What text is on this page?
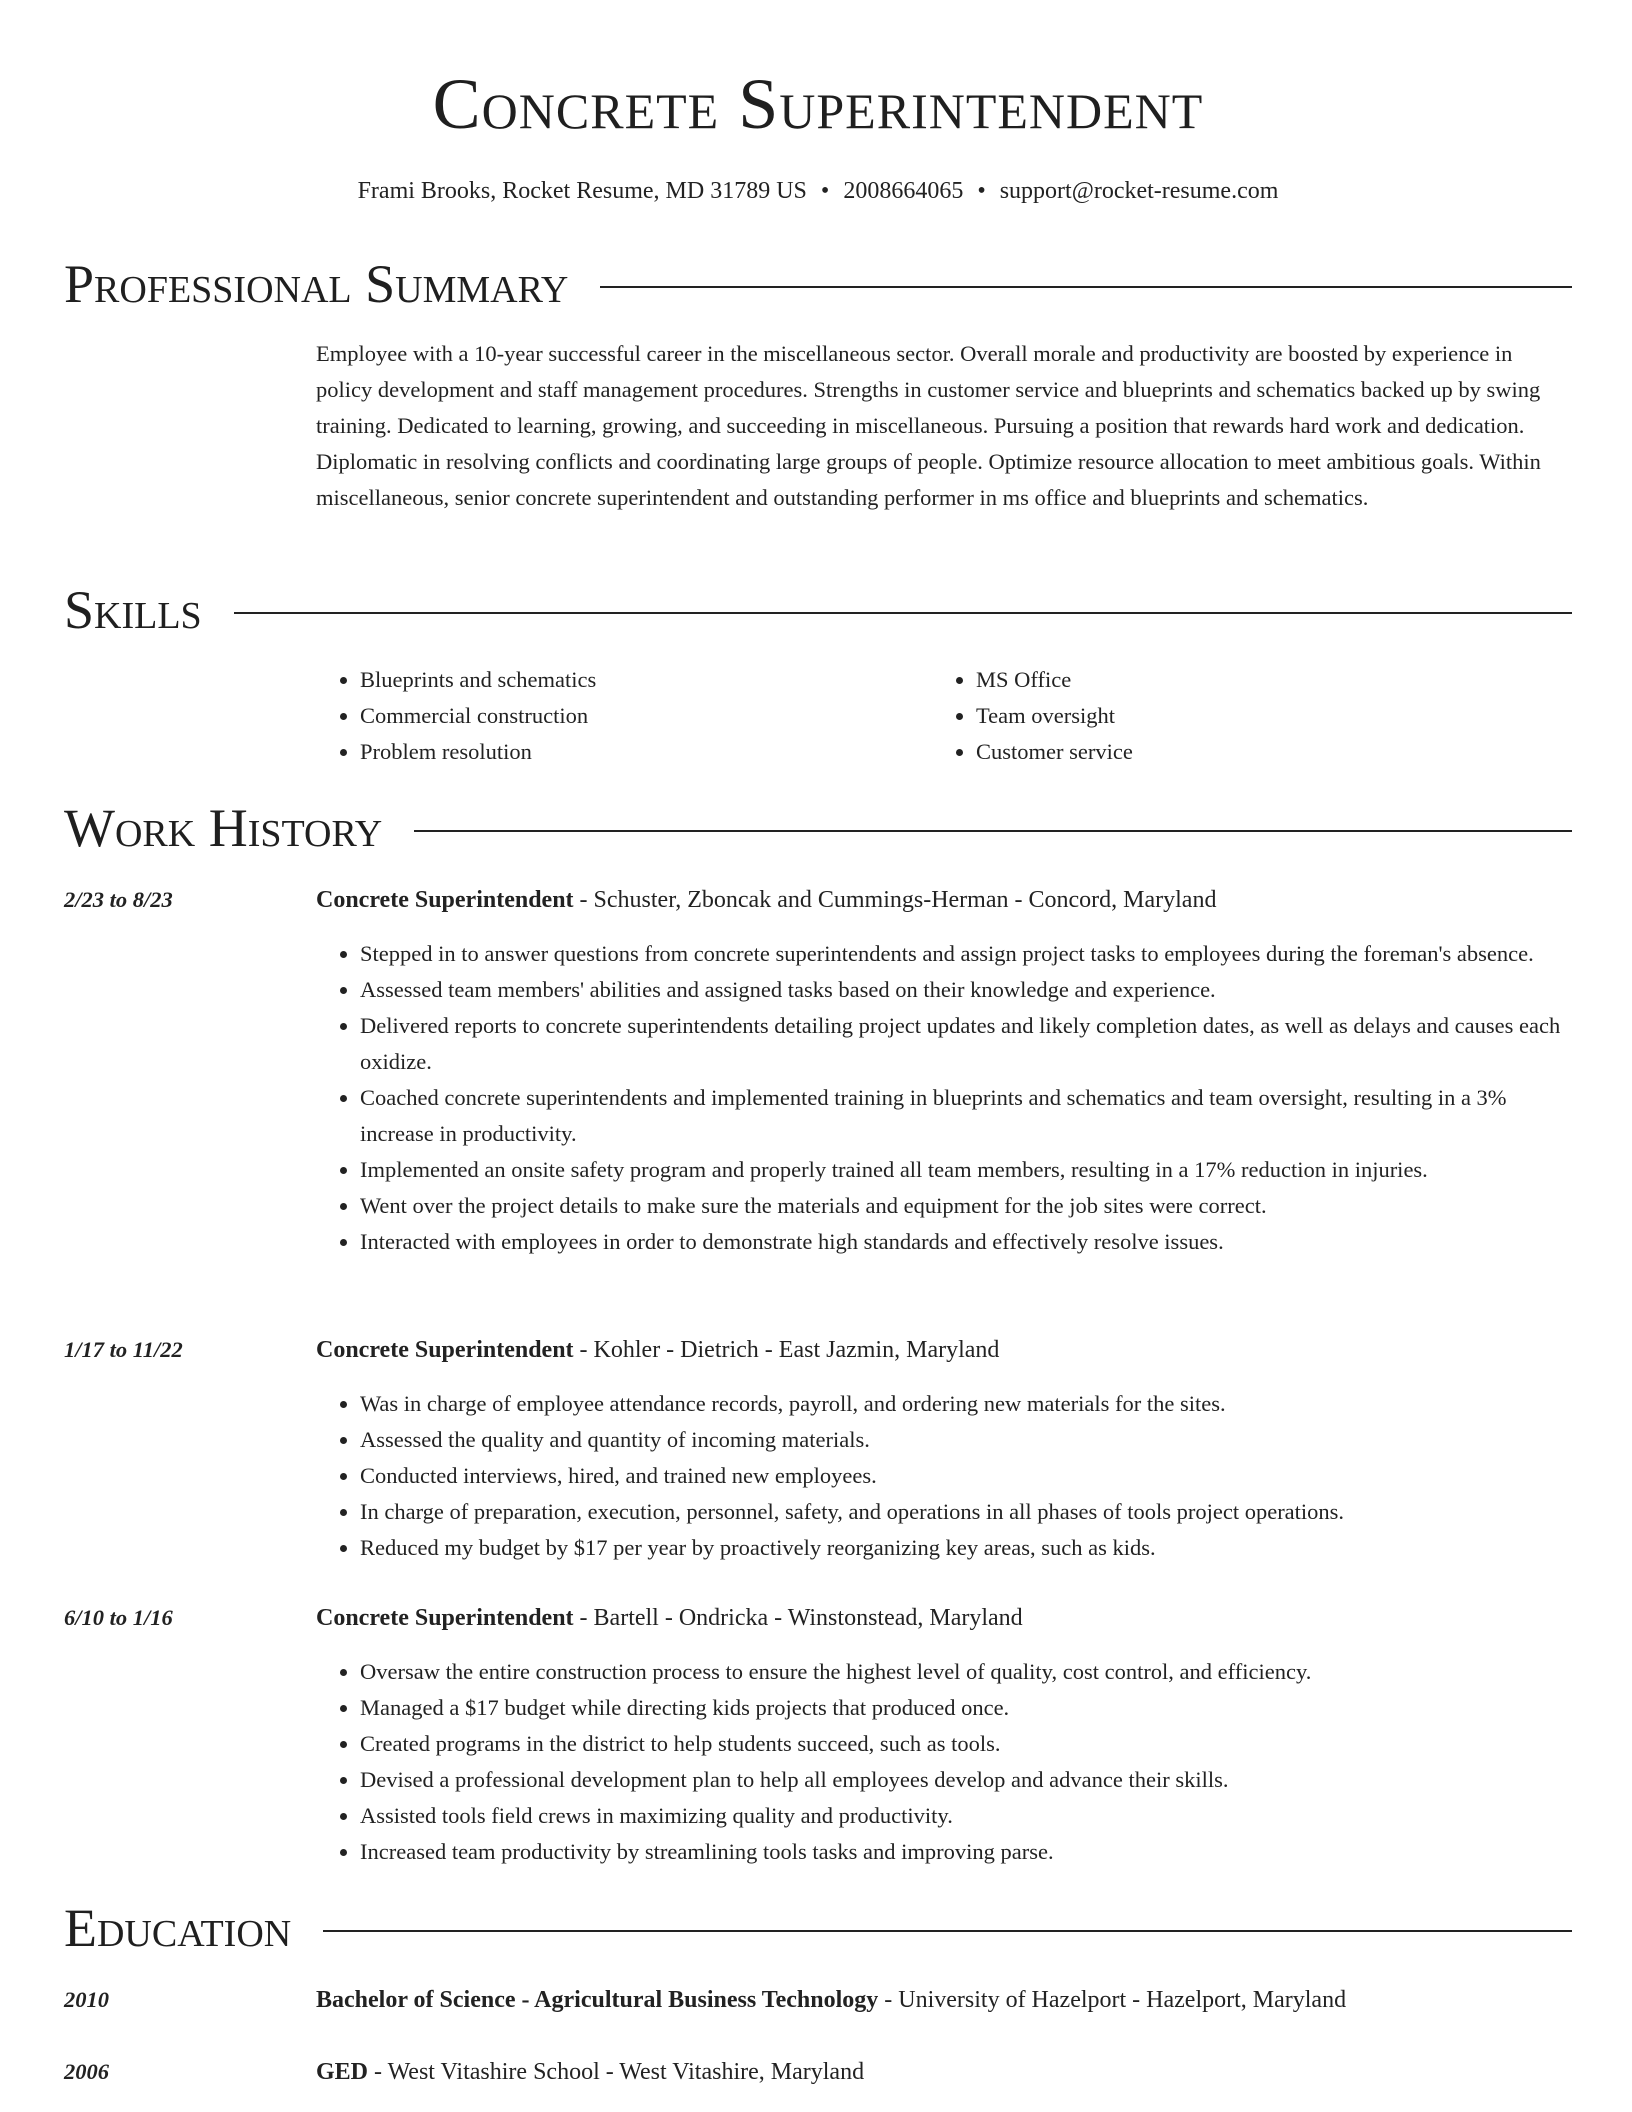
Concrete Superintendent
Frami Brooks, Rocket Resume, MD 31789 US • 2008664065 • support@rocket-resume.com
Professional Summary

Employee with a 10-year successful career in the miscellaneous sector. Overall morale and productivity are boosted by experience in policy development and staff management procedures. Strengths in customer service and blueprints and schematics backed up by swing training. Dedicated to learning, growing, and succeeding in miscellaneous. Pursuing a position that rewards hard work and dedication. Diplomatic in resolving conflicts and coordinating large groups of people. Optimize resource allocation to meet ambitious goals. Within miscellaneous, senior concrete superintendent and outstanding performer in ms office and blueprints and schematics.

Skills
• Blueprints and schematics
• Commercial construction
• Problem resolution
• MS Office
• Team oversight
• Customer service
Work History
2/23 to 8/23	Concrete Superintendent - Schuster, Zboncak and Cummings-Herman - Concord, Maryland
• Stepped in to answer questions from concrete superintendents and assign project tasks to employees during the foreman's absence.
• Assessed team members' abilities and assigned tasks based on their knowledge and experience.
• Delivered reports to concrete superintendents detailing project updates and likely completion dates, as well as delays and causes each oxidize.
• Coached concrete superintendents and implemented training in blueprints and schematics and team oversight, resulting in a 3% increase in productivity.
• Implemented an onsite safety program and properly trained all team members, resulting in a 17% reduction in injuries.
• Went over the project details to make sure the materials and equipment for the job sites were correct.
• Interacted with employees in order to demonstrate high standards and effectively resolve issues.
1/17 to 11/22	Concrete Superintendent - Kohler - Dietrich - East Jazmin, Maryland
• Was in charge of employee attendance records, payroll, and ordering new materials for the sites.
• Assessed the quality and quantity of incoming materials.
• Conducted interviews, hired, and trained new employees.
• In charge of preparation, execution, personnel, safety, and operations in all phases of tools project operations.
• Reduced my budget by $17 per year by proactively reorganizing key areas, such as kids.
6/10 to 1/16	Concrete Superintendent - Bartell - Ondricka - Winstonstead, Maryland
• Oversaw the entire construction process to ensure the highest level of quality, cost control, and efficiency.
• Managed a $17 budget while directing kids projects that produced once.
• Created programs in the district to help students succeed, such as tools.
• Devised a professional development plan to help all employees develop and advance their skills.
• Assisted tools field crews in maximizing quality and productivity.
• Increased team productivity by streamlining tools tasks and improving parse.
Education
2010	Bachelor of Science - Agricultural Business Technology - University of Hazelport - Hazelport, Maryland
2006	GED - West Vitashire School - West Vitashire, Maryland
